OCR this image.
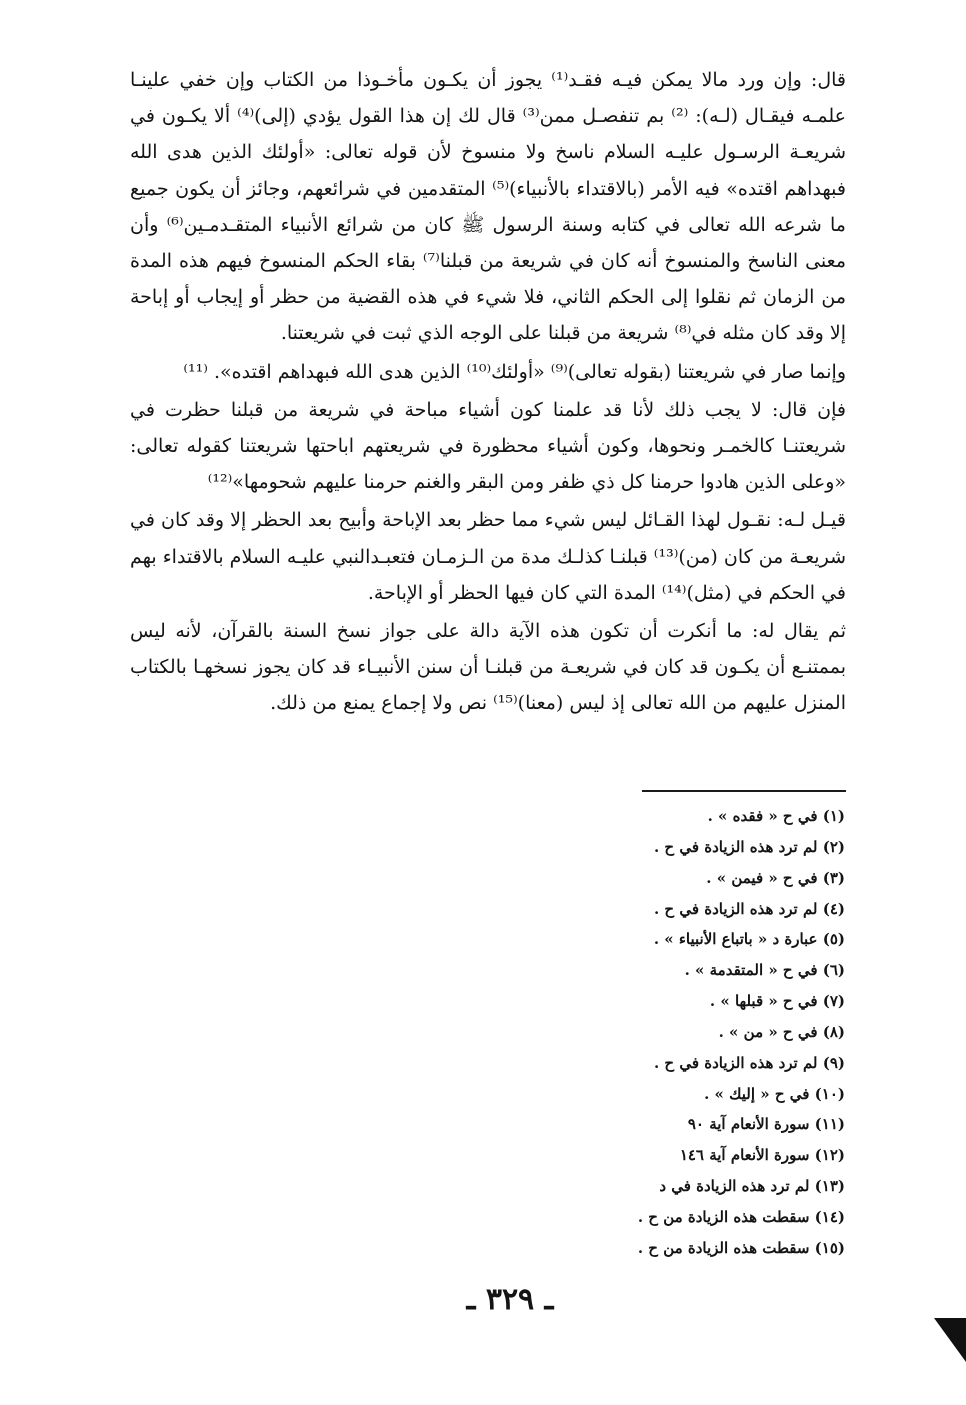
قال: وإن ورد مالا يمكن فيـه فقـد⁽¹⁾ يجوز أن يكـون مأخـوذا من الكتاب وإن خفي علينـا علمـه فيقـال (لـه): ⁽²⁾ بم تنفصـل ممن⁽³⁾ قال لك إن هذا القول يؤدي (إلى)⁽⁴⁾ ألا يكـون في شريعـة الرسـول عليـه السلام ناسخ ولا منسوخ لأن قوله تعالى: «أولئك الذين هدى الله فبهداهم اقتده» فيه الأمر (بالاقتداء بالأنبياء)⁽⁵⁾ المتقدمين في شرائعهم، وجائز أن يكون جميع ما شرعه الله تعالى في كتابه وسنة الرسول ﷺ كان من شرائع الأنبياء المتقـدمـين⁽⁶⁾ وأن معنى الناسخ والمنسوخ أنه كان في شريعة من قبلنا⁽⁷⁾ بقاء الحكم المنسوخ فيهم هذه المدة من الزمان ثم نقلوا إلى الحكم الثاني، فلا شيء في هذه القضية من حظر أو إيجاب أو إباحة إلا وقد كان مثله في⁽⁸⁾ شريعة من قبلنا على الوجه الذي ثبت في شريعتنا.

وإنما صار في شريعتنا (بقوله تعالى)⁽⁹⁾ «أولئك⁽¹⁰⁾ الذين هدى الله فبهداهم اقتده». ⁽¹¹⁾

فإن قال: لا يجب ذلك لأنا قد علمنا كون أشياء مباحة في شريعة من قبلنا حظرت في شريعتنـا كالخمـر ونحوها، وكون أشياء محظورة في شريعتهم اباحتها شريعتنا كقوله تعالى: «وعلى الذين هادوا حرمنا كل ذي ظفر ومن البقر والغنم حرمنا عليهم شحومها»⁽¹²⁾

قيـل لـه: نقـول لهذا القـائل ليس شيء مما حظر بعد الإباحة وأبيح بعد الحظر إلا وقد كان في شريعـة من كان (من)⁽¹³⁾ قبلنـا كذلـك مدة من الـزمـان فتعبـدالنبي عليـه السلام بالاقتداء بهم في الحكم في (مثل)⁽¹⁴⁾ المدة التي كان فيها الحظر أو الإباحة.

ثم يقال له: ما أنكرت أن تكون هذه الآية دالة على جواز نسخ السنة بالقرآن، لأنه ليس بممتنـع أن يكـون قد كان في شريعـة من قبلنـا أن سنن الأنبيـاء قد كان يجوز نسخهـا بالكتاب المنزل عليهم من الله تعالى إذ ليس (معنا)⁽¹⁵⁾ نص ولا إجماع يمنع من ذلك.

(١) في ح « فقده » .
(٢) لم ترد هذه الزيادة في ح .
(٣) في ح « فيمن » .
(٤) لم ترد هذه الزيادة في ح .
(٥) عبارة د « باتباع الأنبياء » .
(٦) في ح « المتقدمة » .
(٧) في ح « قبلها » .
(٨) في ح « من » .
(٩) لم ترد هذه الزيادة في ح .
(١٠) في ح « إليك » .
(١١) سورة الأنعام آية ٩٠
(١٢) سورة الأنعام آية ١٤٦
(١٣) لم ترد هذه الزيادة في د
(١٤) سقطت هذه الزيادة من ح .
(١٥) سقطت هذه الزيادة من ح .
ـ ٣٢٩ ـ
